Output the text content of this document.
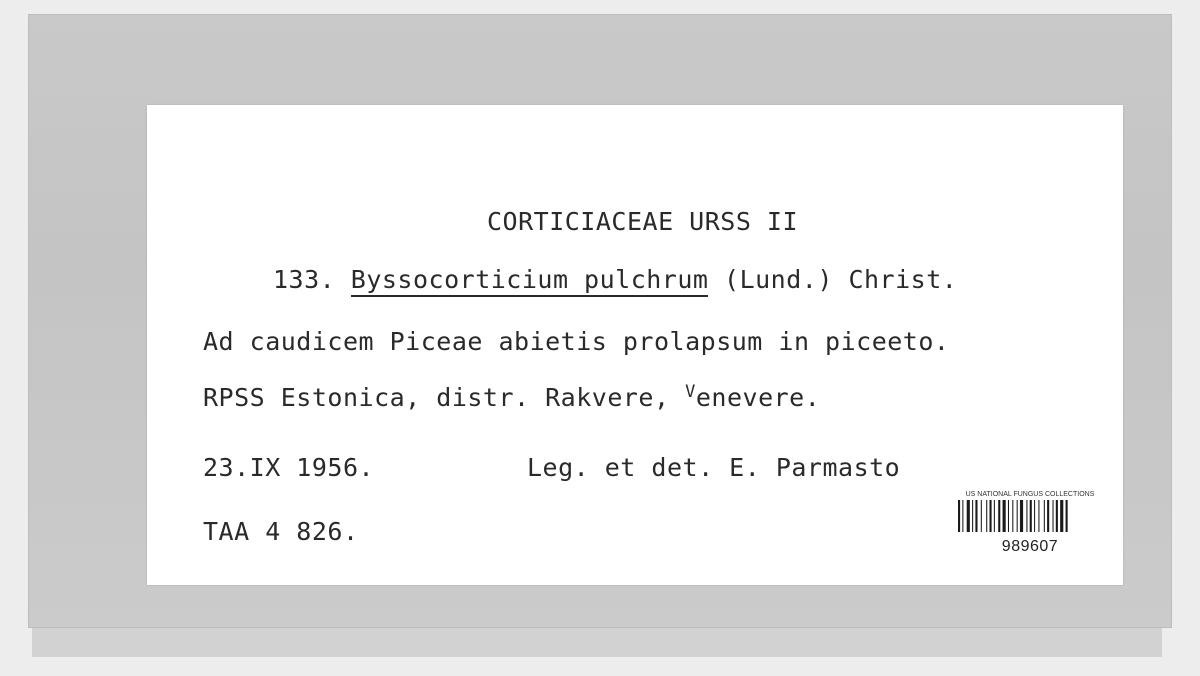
CORTICIACEAE URSS II
133. Byssocorticium pulchrum (Lund.) Christ.
Ad caudicem Piceae abietis prolapsum in piceeto.
RPSS Estonica, distr. Rakvere, $^V$enevere.
23.IX 1956.	Leg. et det. E. Parmasto
TAA 4 826.
US NATIONAL FUNGUS COLLECTIONS
989607
